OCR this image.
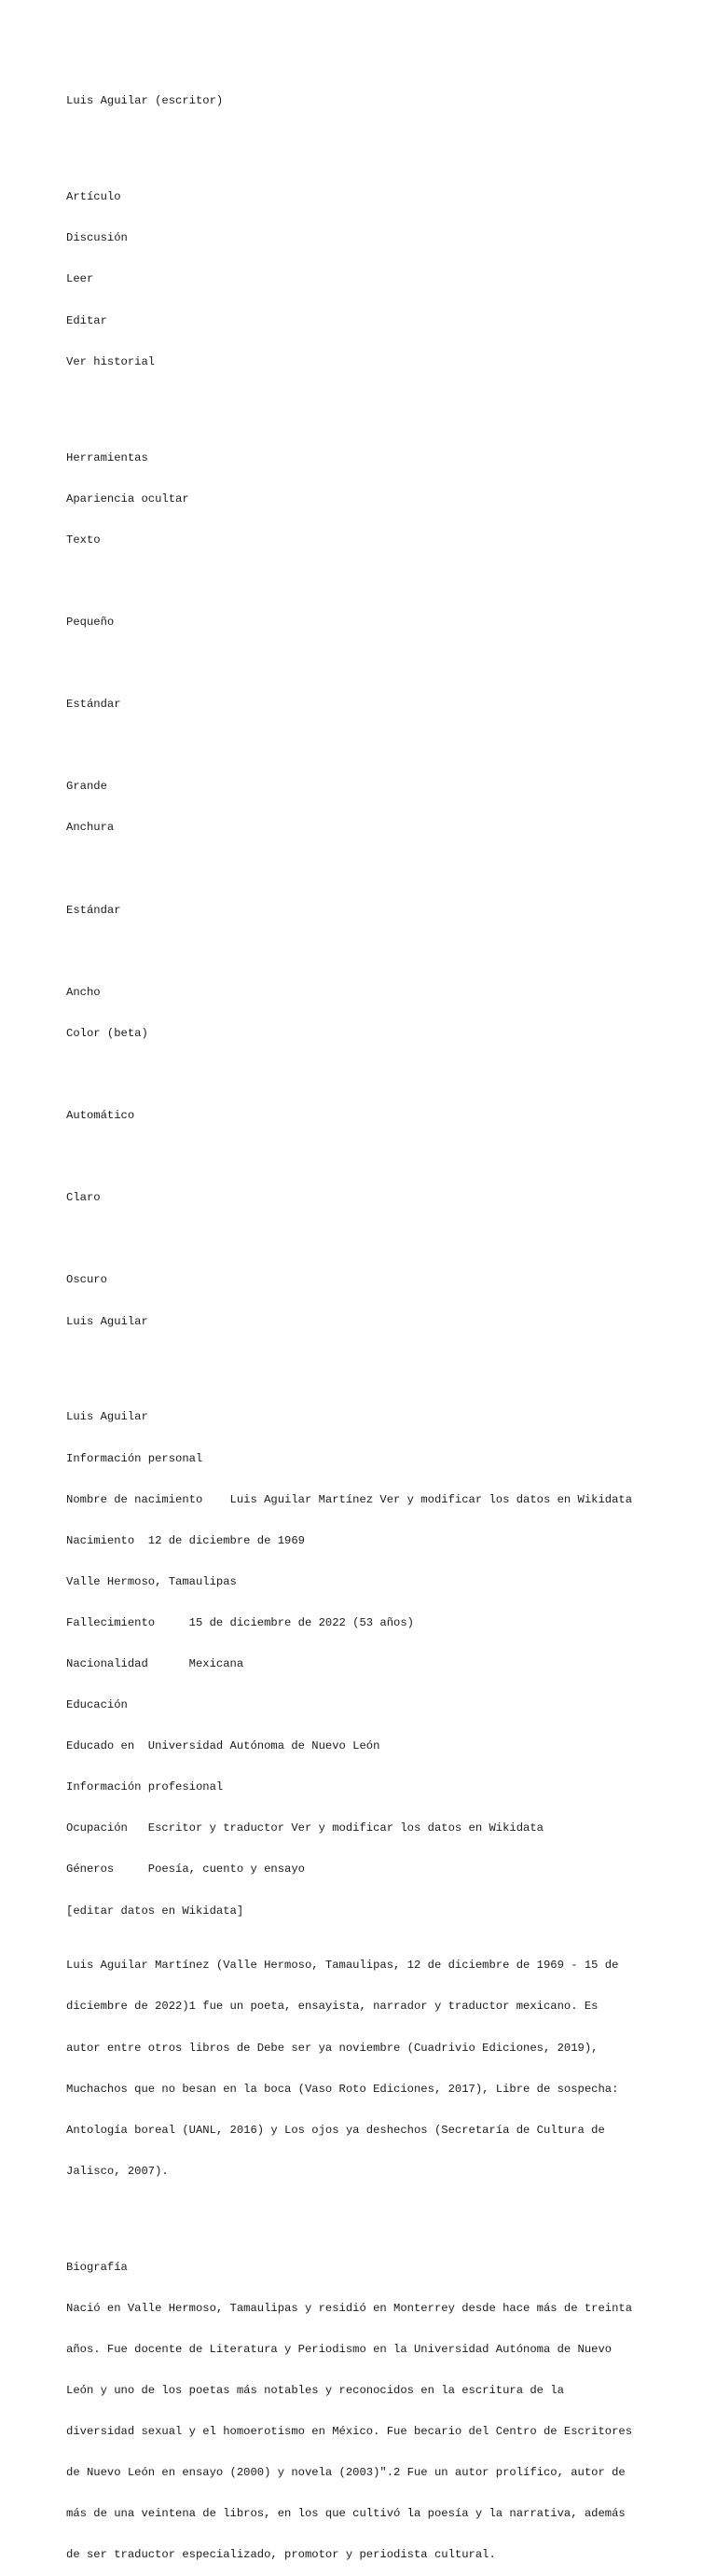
Luis Aguilar (escritor)

Artículo

Discusión

Leer

Editar

Ver historial

Herramientas

Apariencia ocultar

Texto

Pequeño

Estándar

Grande

Anchura

Estándar

Ancho

Color (beta)

Automático

Claro

Oscuro

Luis Aguilar

Luis Aguilar

Información personal

Nombre de nacimiento    Luis Aguilar Martínez Ver y modificar los datos en Wikidata

Nacimiento  12 de diciembre de 1969

Valle Hermoso, Tamaulipas

Fallecimiento     15 de diciembre de 2022 (53 años)

Nacionalidad      Mexicana

Educación

Educado en  Universidad Autónoma de Nuevo León

Información profesional

Ocupación   Escritor y traductor Ver y modificar los datos en Wikidata

Géneros     Poesía, cuento y ensayo

[editar datos en Wikidata]

Luis Aguilar Martínez (Valle Hermoso, Tamaulipas, 12 de diciembre de 1969 - 15 de

diciembre de 2022)1 fue un poeta, ensayista, narrador y traductor mexicano. Es

autor entre otros libros de Debe ser ya noviembre (Cuadrivio Ediciones, 2019),

Muchachos que no besan en la boca (Vaso Roto Ediciones, 2017), Libre de sospecha:

Antología boreal (UANL, 2016) y Los ojos ya deshechos (Secretaría de Cultura de

Jalisco, 2007).

Biografía

Nació en Valle Hermoso, Tamaulipas y residió en Monterrey desde hace más de treinta

años. Fue docente de Literatura y Periodismo en la Universidad Autónoma de Nuevo

León y uno de los poetas más notables y reconocidos en la escritura de la

diversidad sexual y el homoerotismo en México. Fue becario del Centro de Escritores

de Nuevo León en ensayo (2000) y novela (2003)".2 Fue un autor prolífico, autor de

más de una veintena de libros, en los que cultivó la poesía y la narrativa, además

de ser traductor especializado, promotor y periodista cultural.
